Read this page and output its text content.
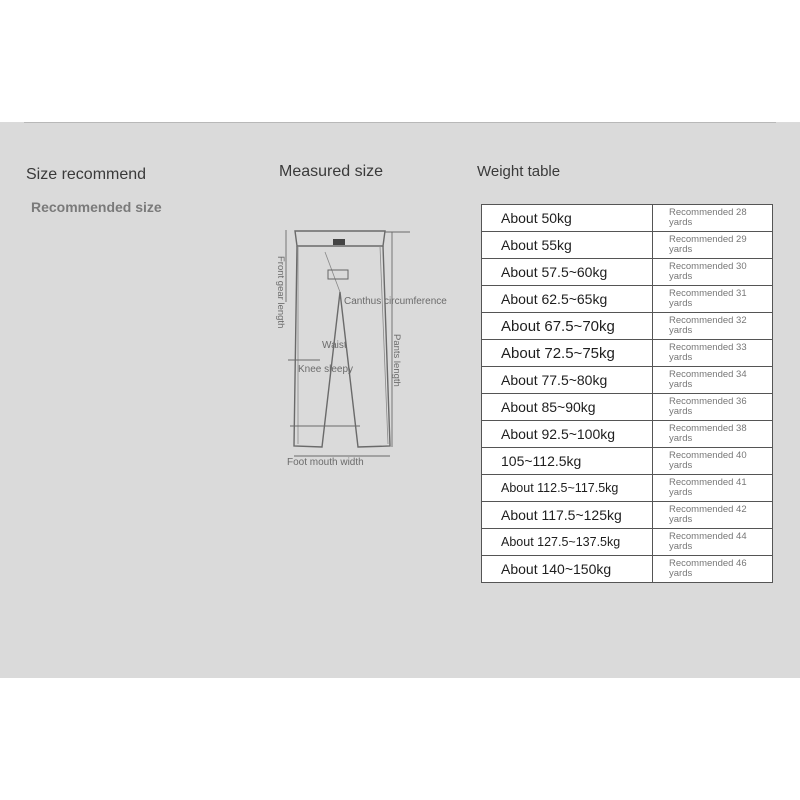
Size recommend
Recommended size
Measured size	Weight table
Waist
Front gear length	Canthus circumference
Pants length
Knee sleepy
Foot mouth width
About 50kg	Recommended 28 yards
About 55kg	Recommended 29 yards
About 57.5~60kg	Recommended 30 yards
About 62.5~65kg	Recommended 31 yards
About 67.5~70kg	Recommended 32 yards
About 72.5~75kg	Recommended 33 yards
About 77.5~80kg	Recommended 34 yards
About 85~90kg	Recommended 36 yards
About 92.5~100kg	Recommended 38 yards
105~112.5kg	Recommended 40 yards
About 112.5~117.5kg	Recommended 41 yards
About 117.5~125kg	Recommended 42 yards
About 127.5~137.5kg	Recommended 44 yards
About 140~150kg	Recommended 46 yards
